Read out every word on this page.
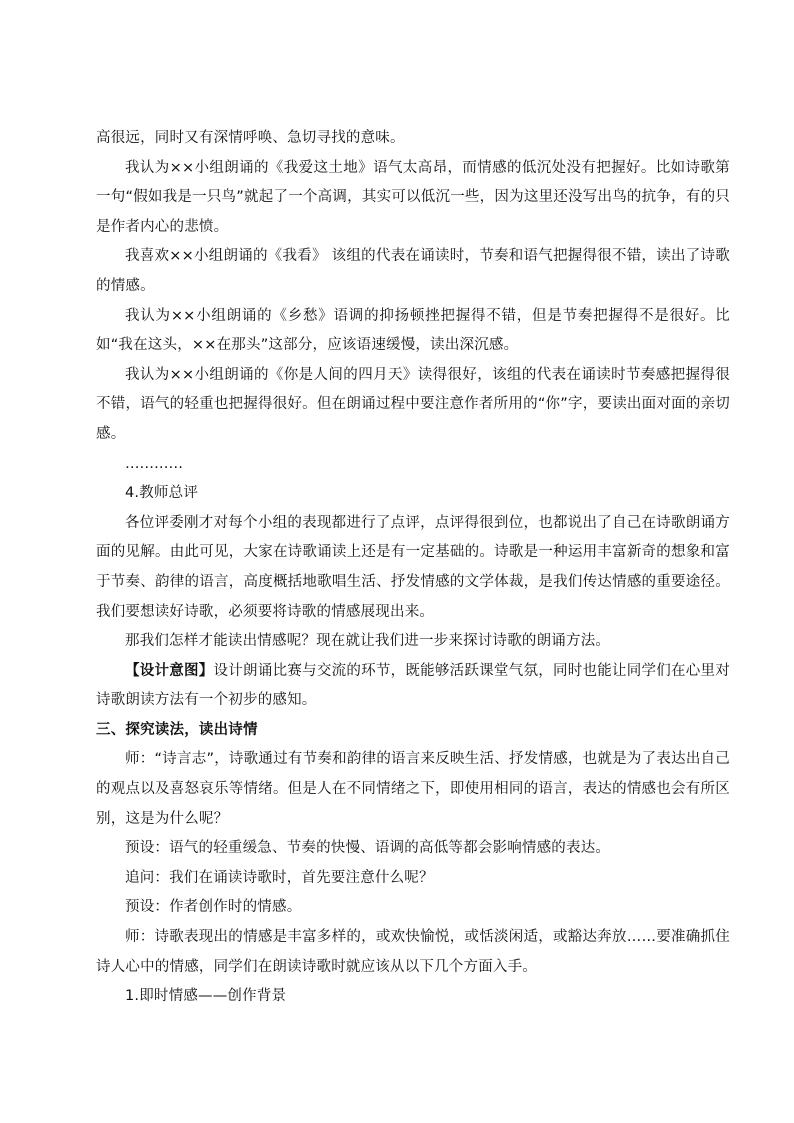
高很远，同时又有深情呼唤、急切寻找的意味。

我认为××小组朗诵的《我爱这土地》语气太高昂，而情感的低沉处没有把握好。比如诗歌第一句“假如我是一只鸟”就起了一个高调，其实可以低沉一些，因为这里还没写出鸟的抗争，有的只是作者内心的悲愤。

我喜欢××小组朗诵的《我看》 该组的代表在诵读时，节奏和语气把握得很不错，读出了诗歌的情感。

我认为××小组朗诵的《乡愁》语调的抑扬顿挫把握得不错，但是节奏把握得不是很好。比如“我在这头，××在那头”这部分，应该语速缓慢，读出深沉感。

我认为××小组朗诵的《你是人间的四月天》读得很好，该组的代表在诵读时节奏感把握得很不错，语气的轻重也把握得很好。但在朗诵过程中要注意作者所用的“你”字，要读出面对面的亲切感。

…………

4.教师总评

各位评委刚才对每个小组的表现都进行了点评，点评得很到位，也都说出了自己在诗歌朗诵方面的见解。由此可见，大家在诗歌诵读上还是有一定基础的。诗歌是一种运用丰富新奇的想象和富于节奏、韵律的语言，高度概括地歌唱生活、抒发情感的文学体裁，是我们传达情感的重要途径。我们要想读好诗歌，必须要将诗歌的情感展现出来。

那我们怎样才能读出情感呢？现在就让我们进一步来探讨诗歌的朗诵方法。

【设计意图】设计朗诵比赛与交流的环节，既能够活跃课堂气氛，同时也能让同学们在心里对诗歌朗读方法有一个初步的感知。

三、探究读法，读出诗情

师：“诗言志”，诗歌通过有节奏和韵律的语言来反映生活、抒发情感，也就是为了表达出自己的观点以及喜怒哀乐等情绪。但是人在不同情绪之下，即使用相同的语言，表达的情感也会有所区别，这是为什么呢？

预设：语气的轻重缓急、节奏的快慢、语调的高低等都会影响情感的表达。

追问：我们在诵读诗歌时，首先要注意什么呢？

预设：作者创作时的情感。

师：诗歌表现出的情感是丰富多样的，或欢快愉悦，或恬淡闲适，或豁达奔放……要准确抓住诗人心中的情感，同学们在朗读诗歌时就应该从以下几个方面入手。

1.即时情感——创作背景
